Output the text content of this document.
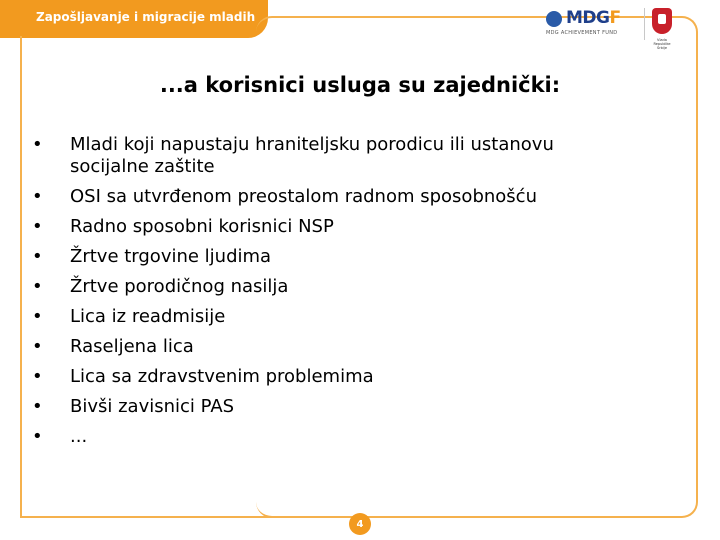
Zapošljavanje i migracije mladih	MDGF
MDG ACHIEVEMENT FUND
Vlada Republike Srbije
...a korisnici usluga su zajednički:
• Mladi koji napustaju hraniteljsku porodicu ili ustanovu socijalne zaštite
• OSI sa utvrđenom preostalom radnom sposobnošću
• Radno sposobni korisnici NSP
• Žrtve trgovine ljudima
• Žrtve porodičnog nasilja
• Lica iz readmisije
• Raseljena lica
• Lica sa zdravstvenim problemima
• Bivši zavisnici PAS
• ...
4
